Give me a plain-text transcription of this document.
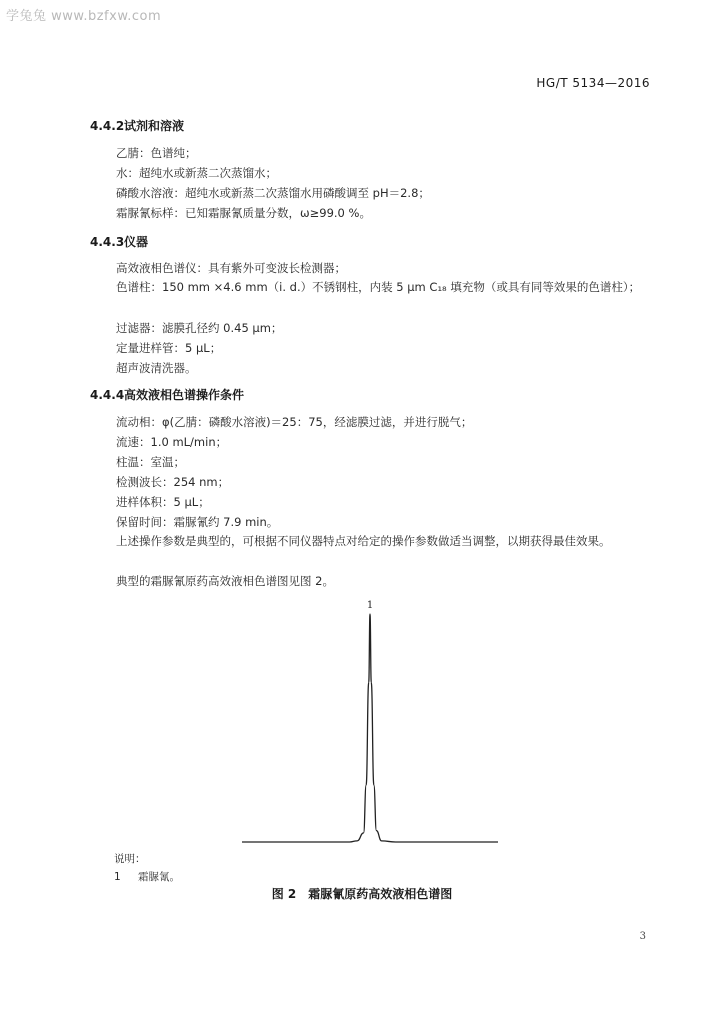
学兔兔 www.bzfxw.com
HG/T 5134—2016
4.4.2试剂和溶液
乙腈：色谱纯；
水：超纯水或新蒸二次蒸馏水；
磷酸水溶液：超纯水或新蒸二次蒸馏水用磷酸调至 pH＝2.8；
霜脲氰标样：已知霜脲氰质量分数，ω≥99.0 %。
4.4.3仪器
高效液相色谱仪：具有紫外可变波长检测器；
色谱柱：150 mm ×4.6 mm（i. d.）不锈钢柱，内装 5 μm C₁₈ 填充物（或具有同等效果的色谱柱）；
过滤器：滤膜孔径约 0.45 μm；
定量进样管：5 μL；
超声波清洗器。
4.4.4高效液相色谱操作条件
流动相：φ(乙腈：磷酸水溶液)＝25：75，经滤膜过滤，并进行脱气；
流速：1.0 mL/min；
柱温：室温；
检测波长：254 nm；
进样体积：5 μL；
保留时间：霜脲氰约 7.9 min。
上述操作参数是典型的，可根据不同仪器特点对给定的操作参数做适当调整，以期获得最佳效果。
典型的霜脲氰原药高效液相色谱图见图 2。
1
说明：
1 霜脲氰。
图 2　霜脲氰原药高效液相色谱图
3
